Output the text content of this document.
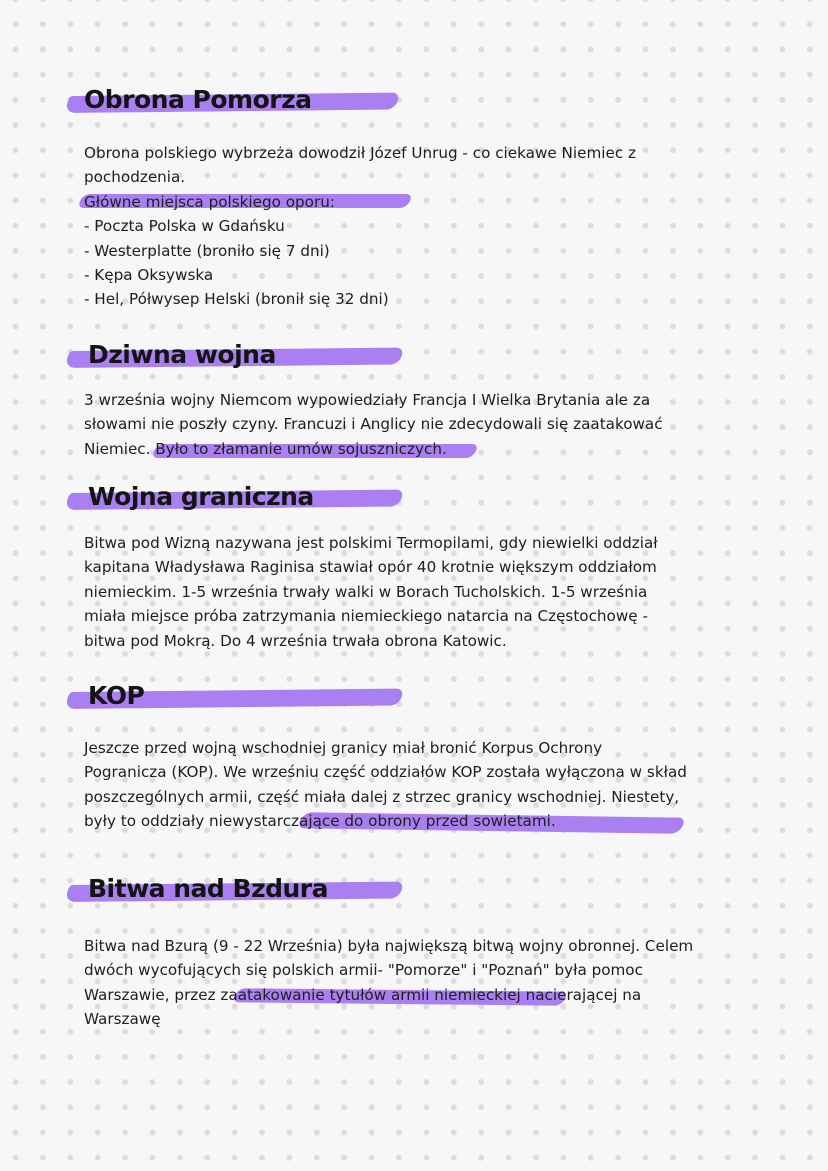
Obrona Pomorza
Obrona polskiego wybrzeża dowodził Józef Unrug - co ciekawe Niemiec z
pochodzenia.
Główne miejsca polskiego oporu:
- Poczta Polska w Gdańsku
- Westerplatte (broniło się 7 dni)
- Kępa Oksywska
- Hel, Półwysep Helski (bronił się 32 dni)
Dziwna wojna
3 września wojny Niemcom wypowiedziały Francja I Wielka Brytania ale za
słowami nie poszły czyny. Francuzi i Anglicy nie zdecydowali się zaatakować
Niemiec. Było to złamanie umów sojuszniczych.
Wojna graniczna
Bitwa pod Wizną nazywana jest polskimi Termopilami, gdy niewielki oddział
kapitana Władysława Raginisa stawiał opór 40 krotnie większym oddziałom
niemieckim. 1-5 września trwały walki w Borach Tucholskich. 1-5 września
miała miejsce próba zatrzymania niemieckiego natarcia na Częstochowę -
bitwa pod Mokrą. Do 4 września trwała obrona Katowic.
KOP
Jeszcze przed wojną wschodniej granicy miał bronić Korpus Ochrony
Pogranicza (KOP). We wrześniu część oddziałów KOP została wyłączona w skład
poszczególnych armii, część miała dalej z strzec granicy wschodniej. Niestety,
były to oddziały niewystarczające do obrony przed sowietami.
Bitwa nad Bzdura
Bitwa nad Bzurą (9 - 22 Września) była największą bitwą wojny obronnej. Celem
dwóch wycofujących się polskich armii- "Pomorze" i "Poznań" była pomoc
Warszawie, przez zaatakowanie tytułów armii niemieckiej nacierającej na
Warszawę
